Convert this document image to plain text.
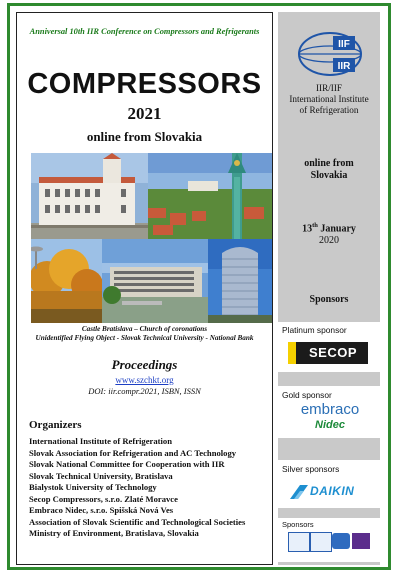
Anniversal 10th IIR Conference on Compressors and Refrigerants
COMPRESSORS
2021
online from Slovakia
Castle Bratislava – Church of coronations
Unidentified Flying Object - Slovak Technical University - National Bank
Proceedings
www.szchkt.org
DOI: iir.compr.2021, ISBN, ISSN
Organizers
International Institute of Refrigeration
Slovak Association for Refrigeration and AC Technology
Slovak National Committee for Cooperation with IIR
Slovak Technical University, Bratislava
Bialystok University of Technology
Secop Compressors, s.r.o. Zlaté Moravce
Embraco Nidec, s.r.o. Spišská Nová Ves
Association of Slovak Scientific and Technological Societies
Ministry of Environment, Bratislava, Slovakia
IIF
IIR
IIR/IIF
International Institute
of Refrigeration
online from
Slovakia
13th January
2020
Sponsors
Platinum sponsor
SECOP
Gold sponsor
embraco
Nidec
Silver sponsors
DAIKIN
Sponsors
